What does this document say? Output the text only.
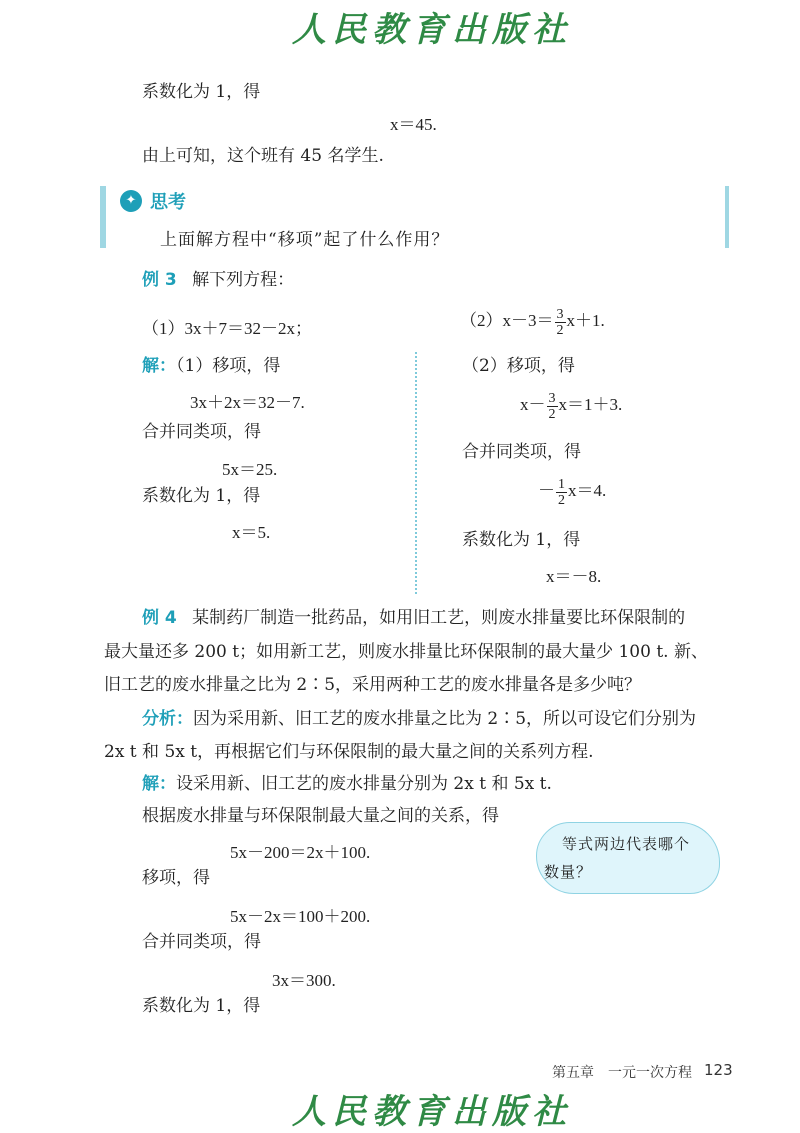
人民教育出版社
系数化为 1，得
x＝45.
由上可知，这个班有 45 名学生.
✦ 思考
上面解方程中“移项”起了什么作用？
例 3 解下列方程：
（1）3x＋7＝32－2x；	$(2)x-3= \frac{3}{2} x+1$.
解：（1）移项，得
3x＋2x＝32－7.
合并同类项，得
5x＝25.
系数化为 1，得
x＝5.
（2）移项，得
$x- \frac{3}{2} x=1+3$.
合并同类项，得
－ $\frac{1}{2} x=4$.
系数化为 1，得
x＝－8.
例 4 某制药厂制造一批药品，如用旧工艺，则废水排量要比环保限制的
最大量还多 200 t；如用新工艺，则废水排量比环保限制的最大量少 100 t. 新、
旧工艺的废水排量之比为 2∶5，采用两种工艺的废水排量各是多少吨？
分析：因为采用新、旧工艺的废水排量之比为 2∶5，所以可设它们分别为
2x t 和 5x t，再根据它们与环保限制的最大量之间的关系列方程.
解：设采用新、旧工艺的废水排量分别为 2x t 和 5x t.
根据废水排量与环保限制最大量之间的关系，得
5x－200＝2x＋100.
移项，得
5x－2x＝100＋200.
合并同类项，得
3x＝300.
系数化为 1，得
等式两边代表哪个
数量？
第五章　一元一次方程 123
人民教育出版社
